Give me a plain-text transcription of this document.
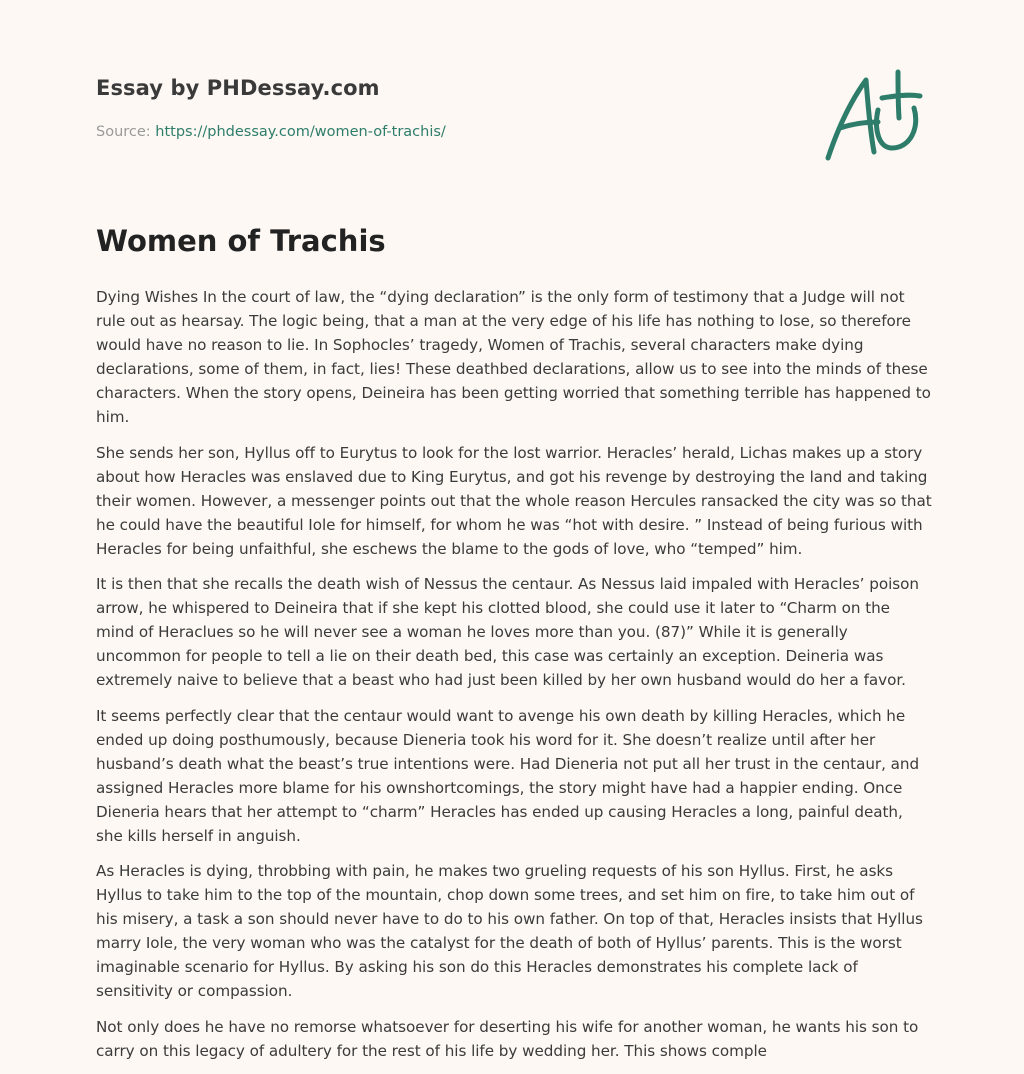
Essay by PHDessay.com
Source: https://phdessay.com/women-of-trachis/
Women of Trachis

Dying Wishes In the court of law, the “dying declaration” is the only form of testimony that a Judge will not rule out as hearsay. The logic being, that a man at the very edge of his life has nothing to lose, so therefore would have no reason to lie. In Sophocles’ tragedy, Women of Trachis, several characters make dying declarations, some of them, in fact, lies! These deathbed declarations, allow us to see into the minds of these characters. When the story opens, Deineira has been getting worried that something terrible has happened to him.

She sends her son, Hyllus off to Eurytus to look for the lost warrior. Heracles’ herald, Lichas makes up a story about how Heracles was enslaved due to King Eurytus, and got his revenge by destroying the land and taking their women. However, a messenger points out that the whole reason Hercules ransacked the city was so that he could have the beautiful Iole for himself, for whom he was “hot with desire. ” Instead of being furious with Heracles for being unfaithful, she eschews the blame to the gods of love, who “temped” him.

It is then that she recalls the death wish of Nessus the centaur. As Nessus laid impaled with Heracles’ poison arrow, he whispered to Deineira that if she kept his clotted blood, she could use it later to “Charm on the mind of Heraclues so he will never see a woman he loves more than you. (87)” While it is generally uncommon for people to tell a lie on their death bed, this case was certainly an exception. Deineria was extremely naive to believe that a beast who had just been killed by her own husband would do her a favor.

It seems perfectly clear that the centaur would want to avenge his own death by killing Heracles, which he ended up doing posthumously, because Dieneria took his word for it. She doesn’t realize until after her husband’s death what the beast’s true intentions were. Had Dieneria not put all her trust in the centaur, and assigned Heracles more blame for his ownshortcomings, the story might have had a happier ending. Once Dieneria hears that her attempt to “charm” Heracles has ended up causing Heracles a long, painful death, she kills herself in anguish.

As Heracles is dying, throbbing with pain, he makes two grueling requests of his son Hyllus. First, he asks Hyllus to take him to the top of the mountain, chop down some trees, and set him on fire, to take him out of his misery, a task a son should never have to do to his own father. On top of that, Heracles insists that Hyllus marry Iole, the very woman who was the catalyst for the death of both of Hyllus’ parents. This is the worst imaginable scenario for Hyllus. By asking his son do this Heracles demonstrates his complete lack of sensitivity or compassion.

Not only does he have no remorse whatsoever for deserting his wife for another woman, he wants his son to carry on this legacy of adultery for the rest of his life by wedding her. This shows comple
